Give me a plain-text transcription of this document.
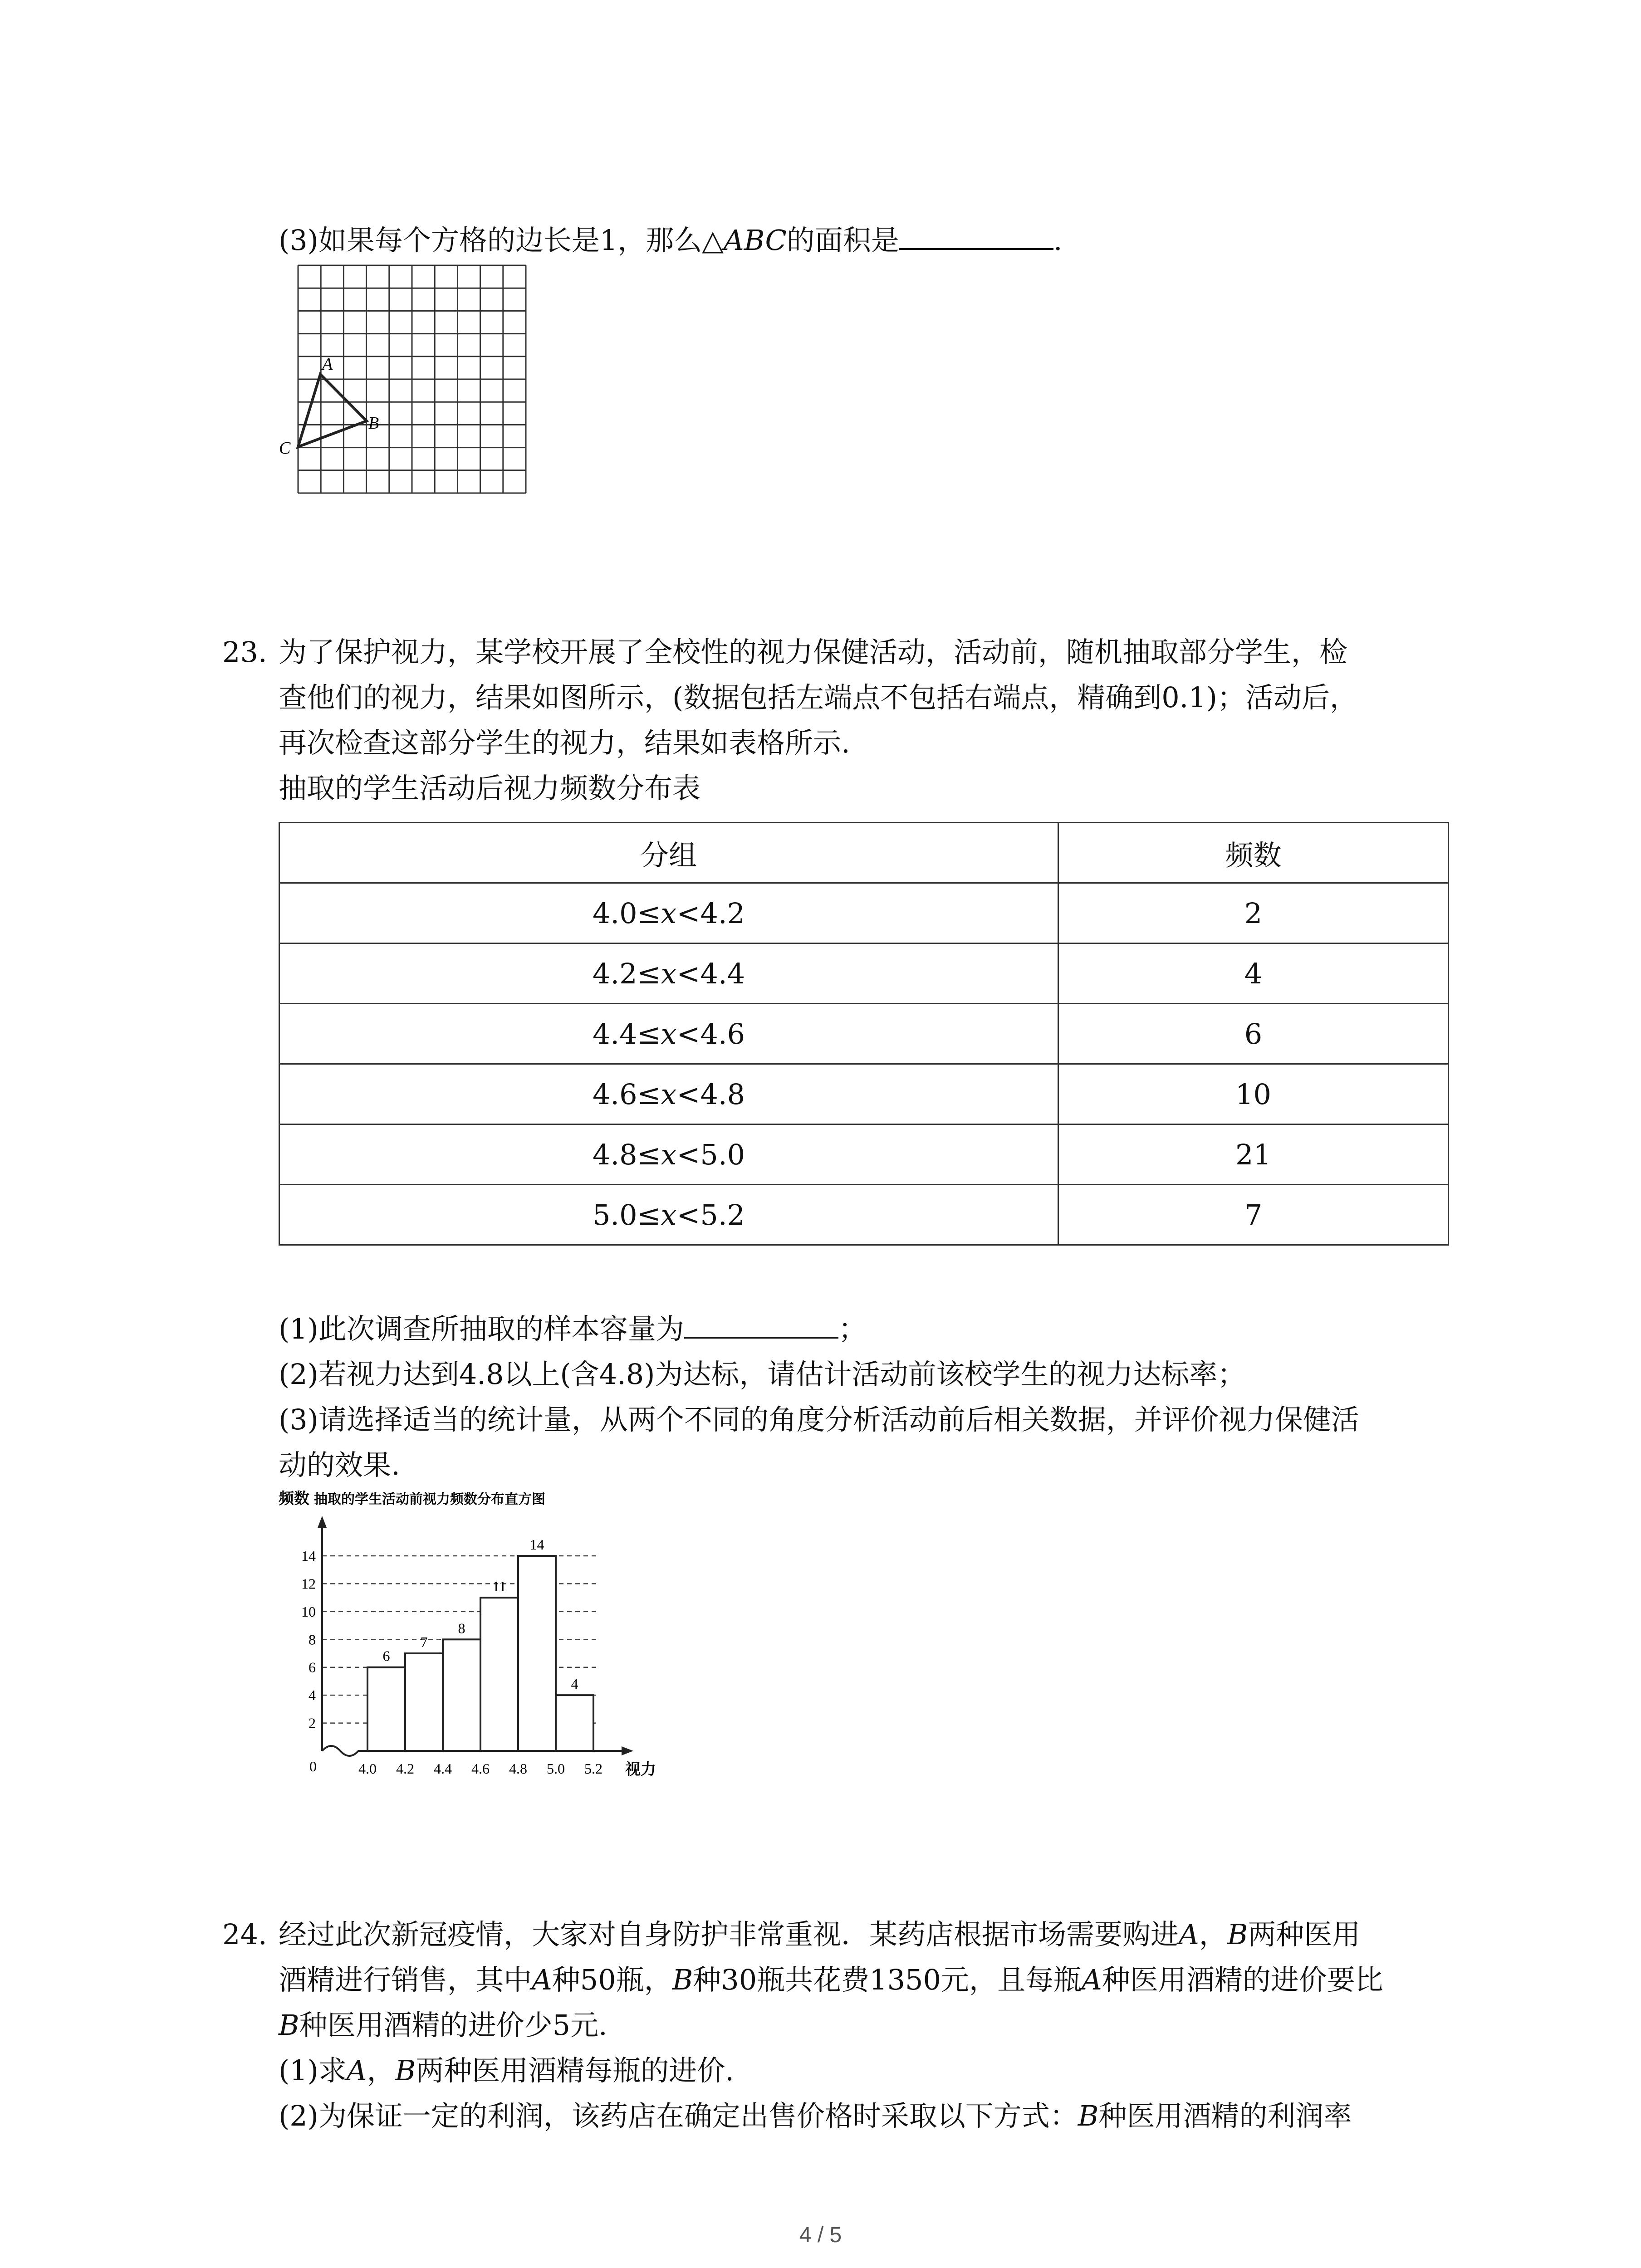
(3)如果每个方格的边长是1，那么△ABC的面积是	.
A
B
C
23. 为了保护视力，某学校开展了全校性的视力保健活动，活动前，随机抽取部分学生，检
查他们的视力，结果如图所示，(数据包括左端点不包括右端点，精确到0.1)；活动后，
再次检查这部分学生的视力，结果如表格所示.
抽取的学生活动后视力频数分布表
分组	频数
4.0≤x<4.2	2
4.2≤x<4.4	4
4.4≤x<4.6	6
4.6≤x<4.8	10
4.8≤x<5.0	21
5.0≤x<5.2	7
(1)此次调查所抽取的样本容量为	；
(2)若视力达到4.8以上(含4.8)为达标，请估计活动前该校学生的视力达标率；
(3)请选择适当的统计量，从两个不同的角度分析活动前后相关数据，并评价视力保健活
动的效果.
频数 抽取的学生活动前视力频数分布直方图
0
2
4
6
8
10
12
14
6
7
8
11
14
4
4.0 4.2 4.4 4.6 4.8 5.0 5.2 视力
24. 经过此次新冠疫情，大家对自身防护非常重视．某药店根据市场需要购进A，B两种医用
酒精进行销售，其中A种50瓶，B种30瓶共花费1350元，且每瓶A种医用酒精的进价要比
B种医用酒精的进价少5元.
(1)求A，B两种医用酒精每瓶的进价.
(2)为保证一定的利润，该药店在确定出售价格时采取以下方式：B种医用酒精的利润率
4 / 5
